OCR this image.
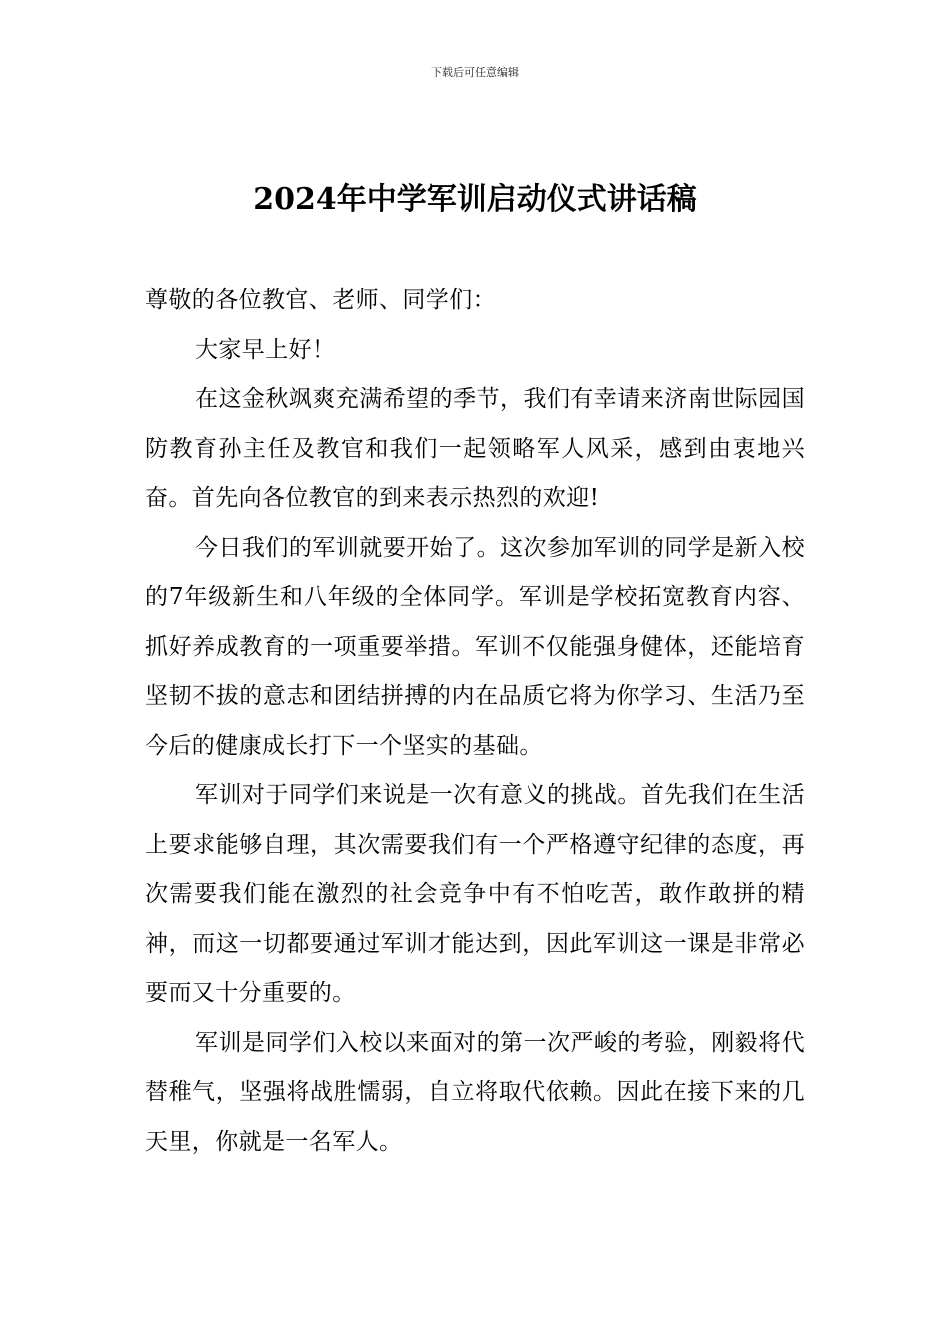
下载后可任意编辑
2024年中学军训启动仪式讲话稿

尊敬的各位教官、老师、同学们：

大家早上好！

在这金秋飒爽充满希望的季节，我们有幸请来济南世际园国防教育孙主任及教官和我们一起领略军人风采，感到由衷地兴奋。首先向各位教官的到来表示热烈的欢迎!

今日我们的军训就要开始了。这次参加军训的同学是新入校的7年级新生和八年级的全体同学。军训是学校拓宽教育内容、抓好养成教育的一项重要举措。军训不仅能强身健体，还能培育坚韧不拔的意志和团结拼搏的内在品质它将为你学习、生活乃至今后的健康成长打下一个坚实的基础。

军训对于同学们来说是一次有意义的挑战。首先我们在生活上要求能够自理，其次需要我们有一个严格遵守纪律的态度，再次需要我们能在激烈的社会竞争中有不怕吃苦，敢作敢拼的精神，而这一切都要通过军训才能达到，因此军训这一课是非常必要而又十分重要的。

军训是同学们入校以来面对的第一次严峻的考验，刚毅将代替稚气，坚强将战胜懦弱，自立将取代依赖。因此在接下来的几天里，你就是一名军人。
